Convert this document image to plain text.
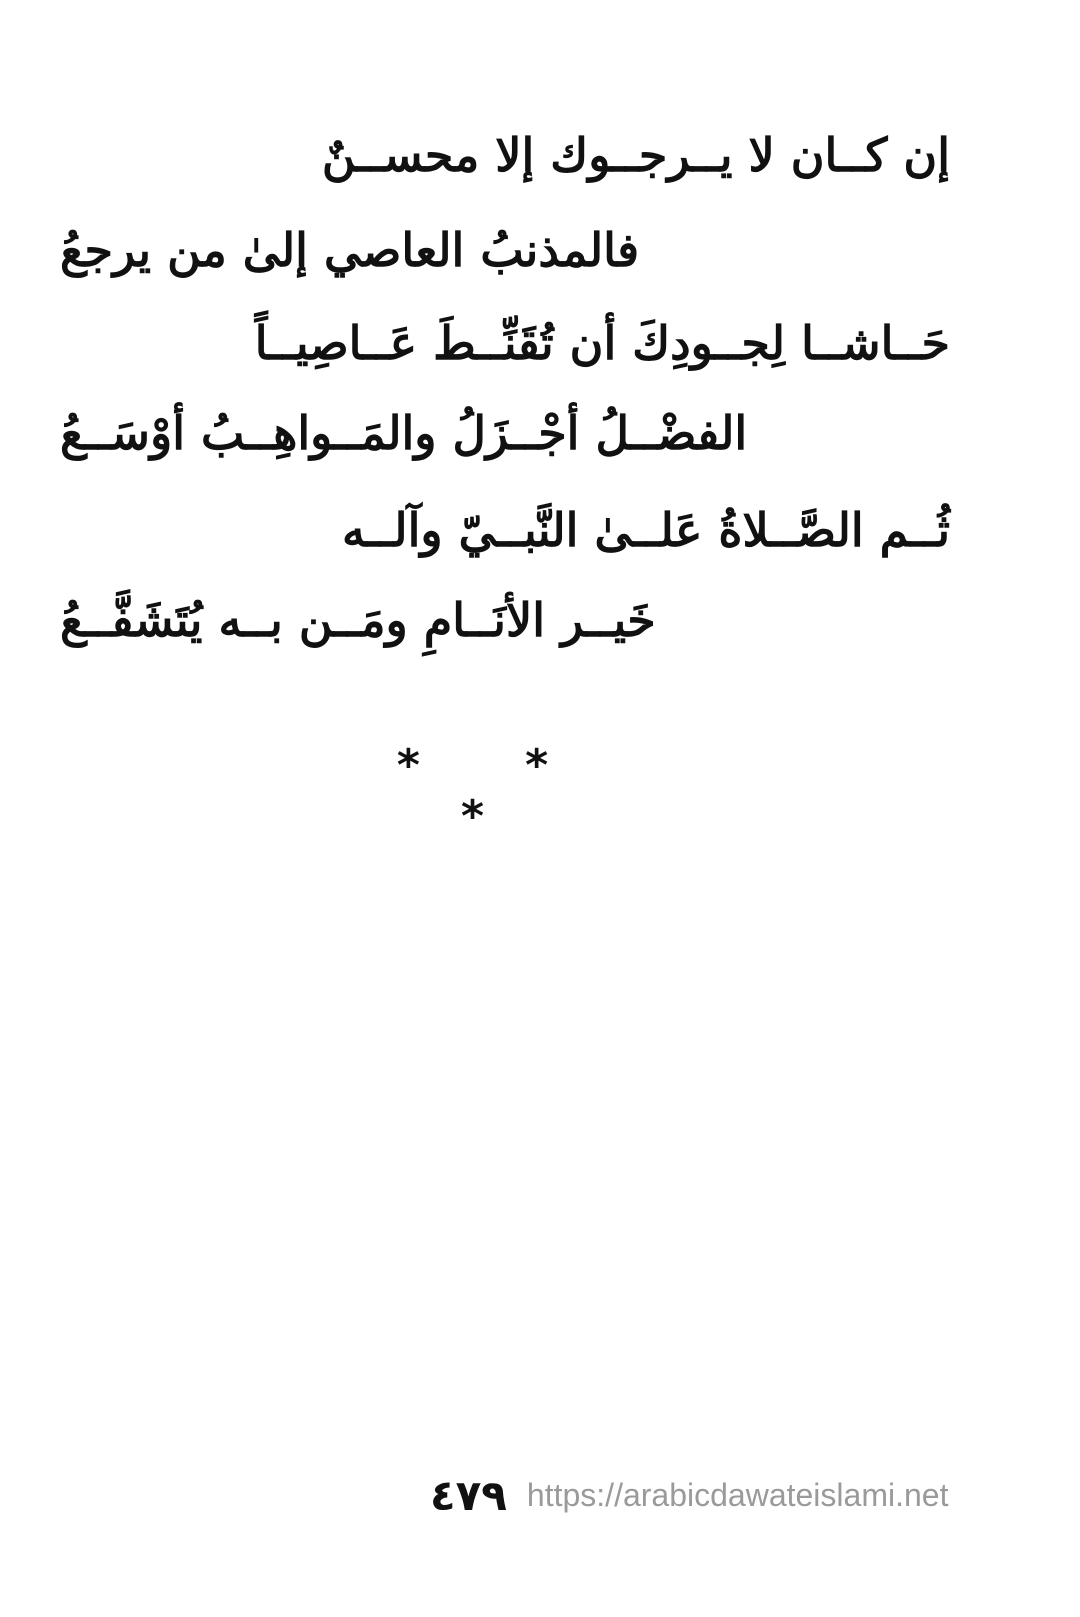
إن كــان لا يــرجــوك إلا محســنٌ
فالمذنبُ العاصي إلىٰ من يرجعُ
حَــاشــا لِجــودِكَ أن تُقَنِّــطَ عَــاصِيــاً
الفضْــلُ أجْــزَلُ والمَــواهِــبُ أوْسَــعُ
ثُــم الصَّــلاةُ عَلــىٰ النَّبــيّ وآلــه
خَيــر الأنَــامِ ومَــن بــه يُتَشَفَّــعُ
* * *
٤٧٩ https://arabicdawateislami.net
